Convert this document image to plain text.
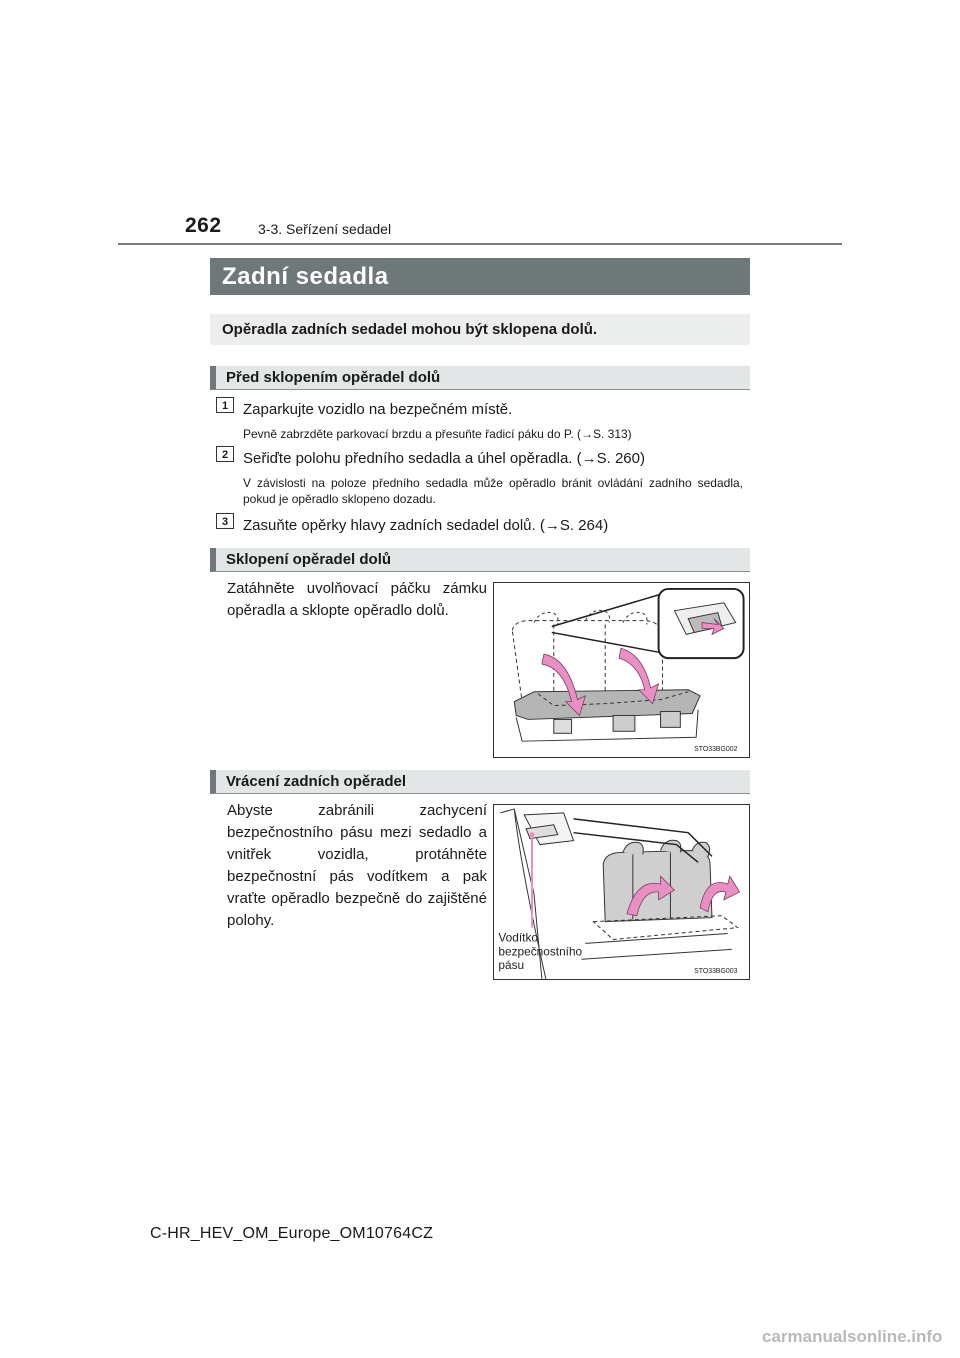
262	3-3. Seřízení sedadel
Zadní sedadla
Opěradla zadních sedadel mohou být sklopena dolů.
Před sklopením opěradel dolů
1 Zaparkujte vozidlo na bezpečném místě.
Pevně zabrzděte parkovací brzdu a přesuňte řadicí páku do P. (→S. 313)
2 Seřiďte polohu předního sedadla a úhel opěradla. (→S. 260)
V závislosti na poloze předního sedadla může opěradlo bránit ovládání zadního sedadla, pokud je opěradlo sklopeno dozadu.
3 Zasuňte opěrky hlavy zadních sedadel dolů. (→S. 264)
Sklopení opěradel dolů
Zatáhněte uvolňovací páčku zámku opěradla a sklopte opěradlo dolů.
STO33BG002
Vrácení zadních opěradel
Abyste zabránili zachycení bezpečnostního pásu mezi sedadlo a vnitřek vozidla, protáhněte bezpečnostní pás vodítkem a pak vraťte opěradlo bezpečně do zajištěné polohy.
Vodítko
bezpečnostního
pásu	STO33BG003
C-HR_HEV_OM_Europe_OM10764CZ
carmanualsonline.info
